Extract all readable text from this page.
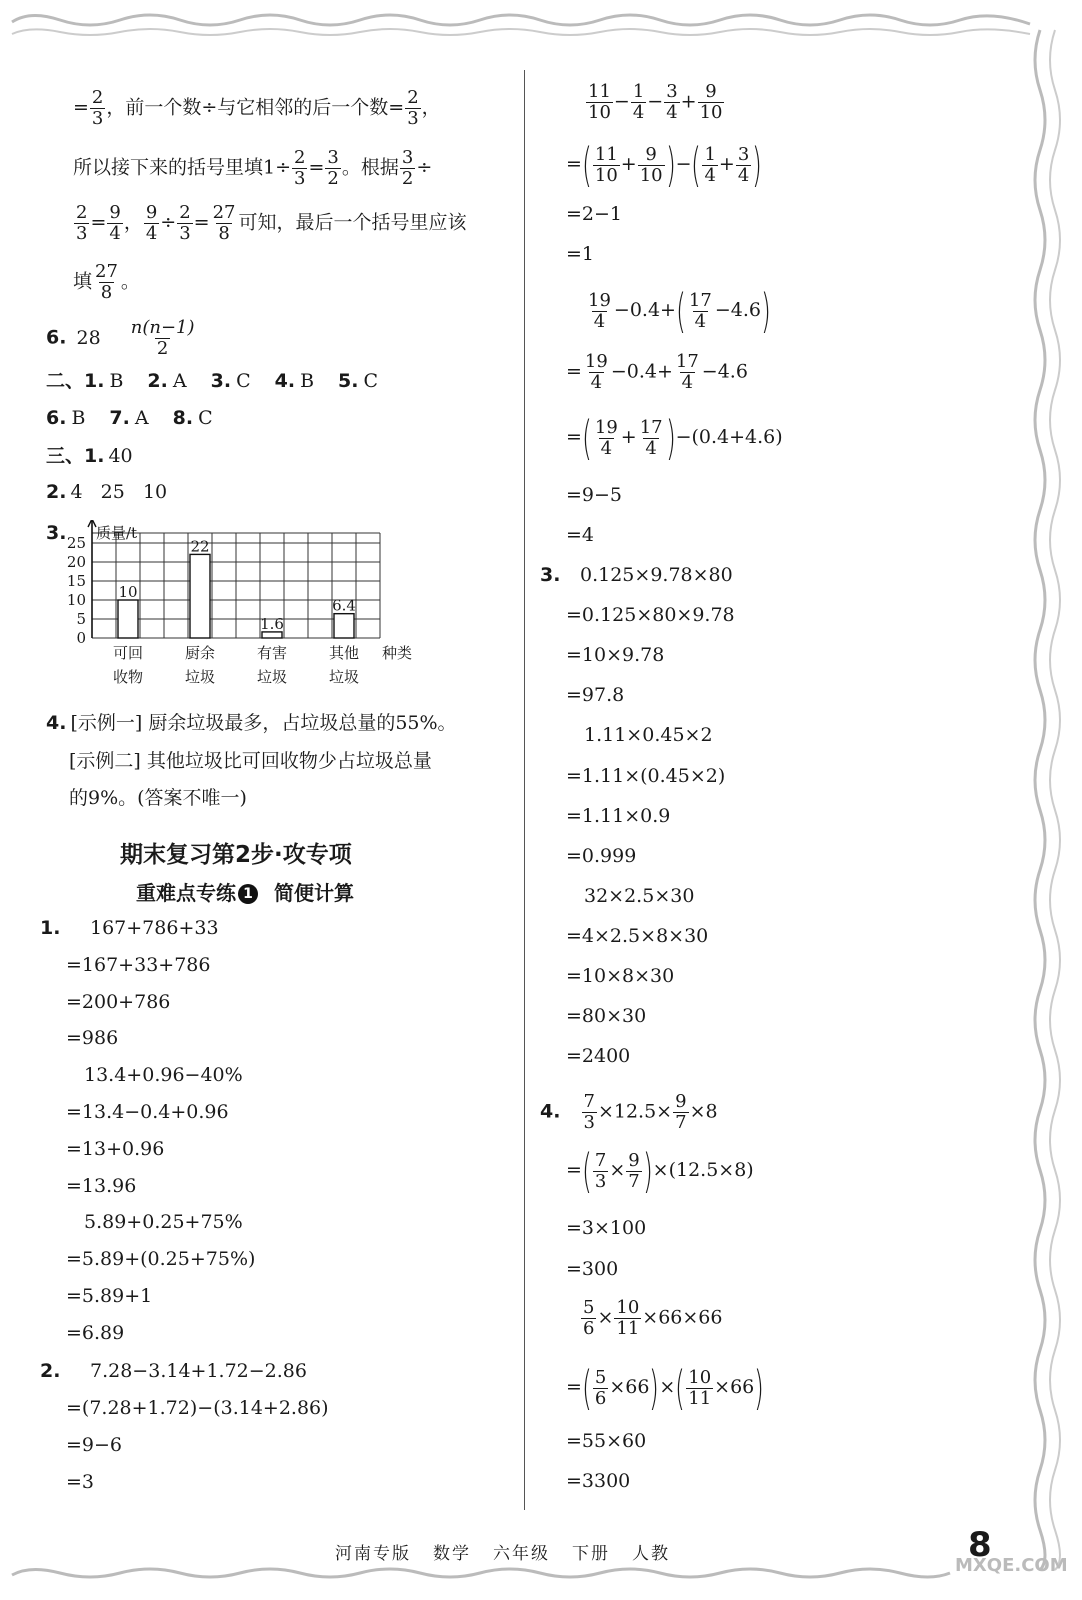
= $\frac{2}{3}$ ，前一个数÷与它相邻的后一个数= $\frac{2}{3}$ ，
所以接下来的括号里填$1\div \frac{2}{3} = \frac{3}{2}$ 。根据 $\frac{3}{2}$ ÷
$\frac{2}{3} = \frac{9}{4}$ ， $\frac{9}{4} \div \frac{2}{3} = \frac{27}{8}$ 可知，最后一个括号里应该
填 $\frac{27}{8}$ 。
6. $28 \frac{n(n-1)}{2}$
二、1. B 2. A 3. C 4. B 5. C
6. B 7. A 8. C
三、1. 40
2. 4   25   10
3.
0
5
10
15
20
25
质量/t
种类
10
可回
收物
22
厨余
垃圾
1.6
有害
垃圾
6.4
其他
垃圾
4. [示例一] 厨余垃圾最多，占垃圾总量的55%。
[示例二] 其他垃圾比可回收物少占垃圾总量
的9%。(答案不唯一)
期末复习第2步·攻专项
重难点专练 1 简便计算
1. 167+786+33
=167+33+786
=200+786
=986
13.4+0.96−40%
=13.4−0.4+0.96
=13+0.96
=13.96
5.89+0.25+75%
=5.89+(0.25+75%)
=5.89+1
=6.89
2. 7.28−3.14+1.72−2.86
=(7.28+1.72)−(3.14+2.86)
=9−6
=3
$\frac{11}{10} - \frac{1}{4} - \frac{3}{4} + \frac{9}{10}$
=( $\frac{11}{10} + \frac{9}{10}$ )−( $\frac{1}{4} + \frac{3}{4}$ )
=2−1
=1
$\frac{19}{4} -0.4+( \frac{17}{4} -4.6)$
= $\frac{19}{4} -0.4+ \frac{17}{4} -4.6$
=( $\frac{19}{4} + \frac{17}{4} )-(0.4+4.6)$
=9−5
=4
3. 0.125×9.78×80
=0.125×80×9.78
=10×9.78
=97.8
1.11×0.45×2
=1.11×(0.45×2)
=1.11×0.9
=0.999
32×2.5×30
=4×2.5×8×30
=10×8×30
=80×30
=2400
4. $\frac{7}{3} \times 12.5\times \frac{9}{7} \times 8$
=( $\frac{7}{3} \times \frac{9}{7} )\times(12.5\times 8)$
=3×100
=300
$\frac{5}{6} \times \frac{10}{11} \times 66\times 66$
=( $\frac{5}{6} \times 66)\times( \frac{10}{11} \times 66)$
=55×60
=3300
河南专版 数学 六年级 下册 人教	8
MXQE.COM
